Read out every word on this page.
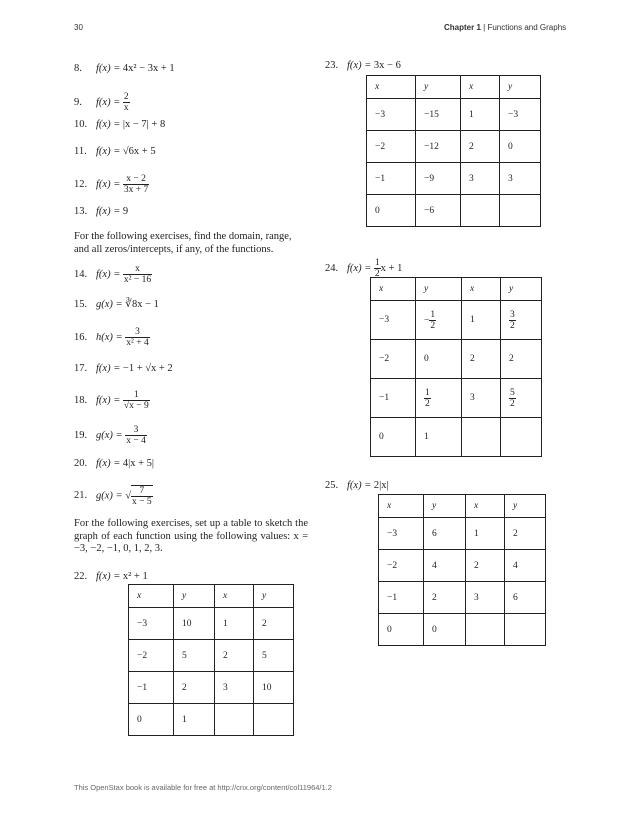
30	Chapter 1 | Functions and Graphs
8. f(x) = 4x² − 3x + 1
9. $f(x) = \frac{2}{x}$
10. f(x) = |x − 7| + 8
11. f(x) = √6x + 5
12. $f(x) = \frac{x - 2}{3x + 7}$
13. f(x) = 9
For the following exercises, find the domain, range, and all zeros/intercepts, if any, of the functions.
14. $f(x) = \frac{x}{\text{x² − 16}}$
15. g(x) = ∛8x − 1
16. $h(x) = \frac{3}{\text{x² + 4}}$
17. f(x) = −1 + √x + 2
18. $f(x) = \frac{1}{√x - 9}$
19. $g(x) = \frac{3}{x - 4}$
20. f(x) = 4|x + 5|
21. g(x) = √ $\frac{7}{x - 5}$
For the following exercises, set up a table to sketch the graph of each function using the following values: x = −3, −2, −1, 0, 1, 2, 3.
22. f(x) = x² + 1
x	y	x	y
−3	10	1	2
−2	5	2	5
−1	2	3	10
0	1		
23. f(x) = 3x − 6
x	y	x	y
−3	−15	1	−3
−2	−12	2	0
−1	−9	3	3
0	−6		
24. $f(x) = \frac{1}{2}$ x + 1
x	y	x	y
−3	− $\frac{1}{2}$	1	$\frac{3}{2}$

−2	0	2	2
−1	$\frac{1}{2}$	3	$\frac{5}{2}$

0	1		
25. f(x) = 2|x|
x	y	x	y
−3	6	1	2
−2	4	2	4
−1	2	3	6
0	0		
This OpenStax book is available for free at http://cnx.org/content/col11964/1.2
